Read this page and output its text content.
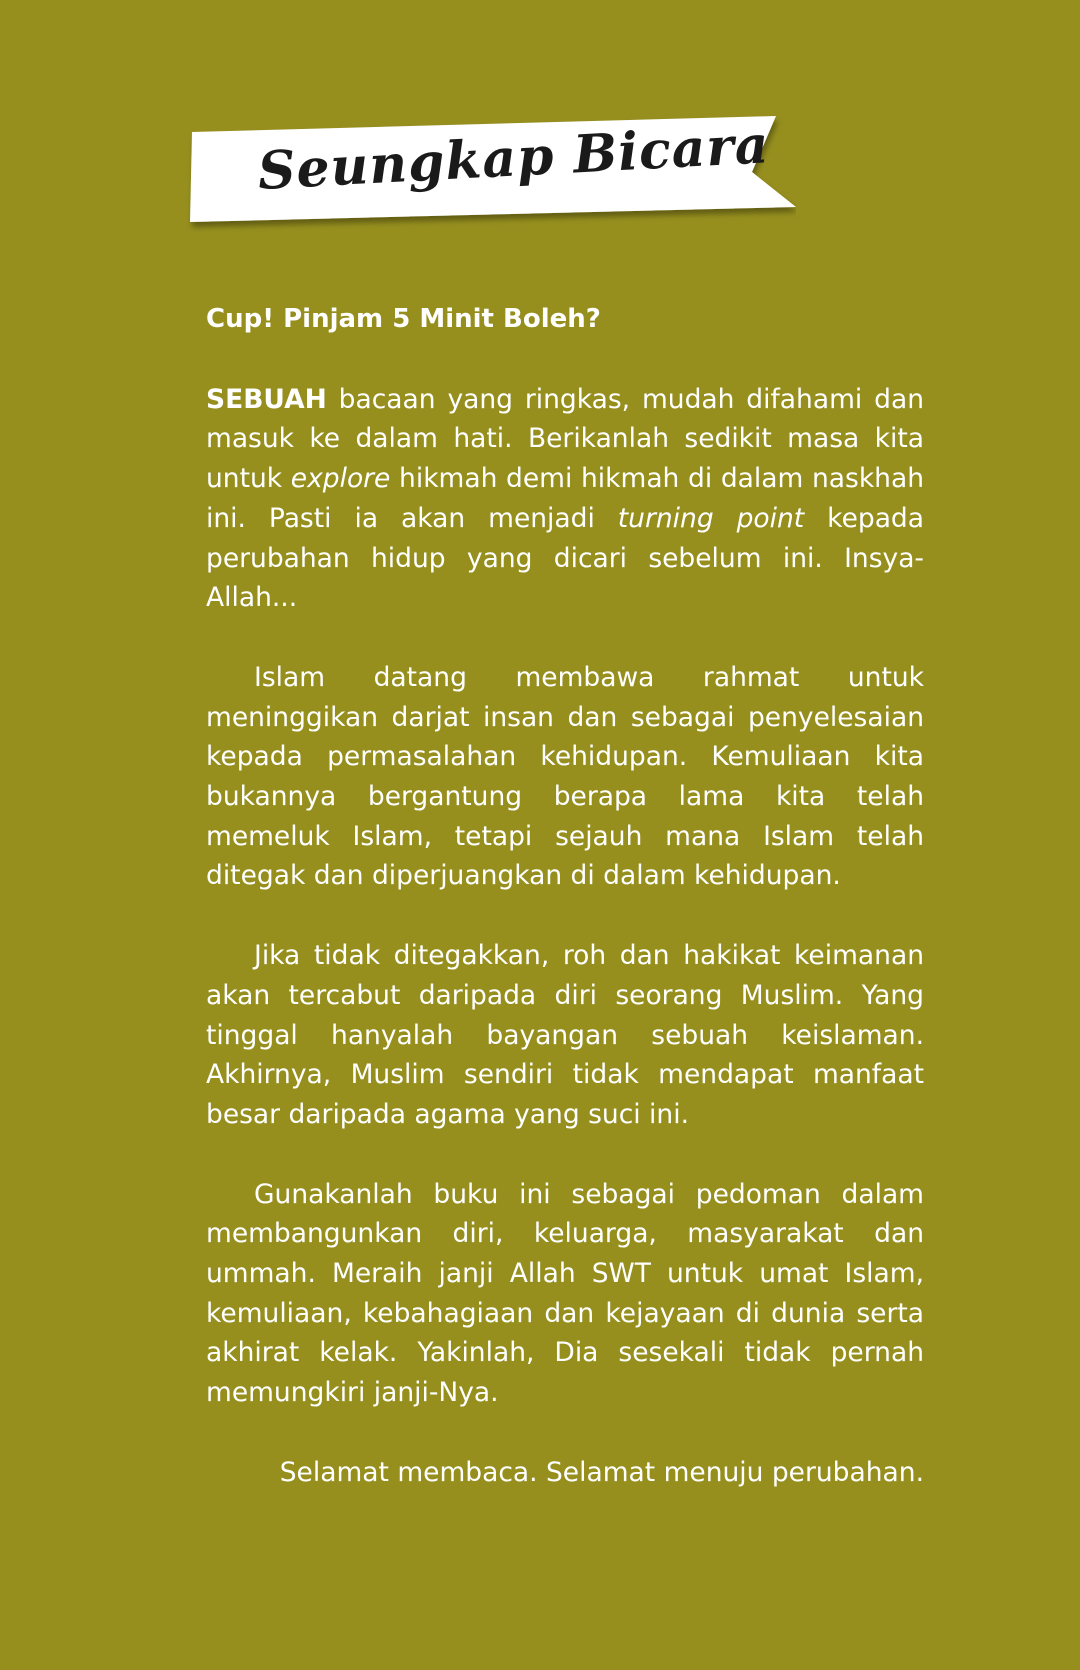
Seungkap Bicara

Cup! Pinjam 5 Minit Boleh?

SEBUAH bacaan yang ringkas, mudah difahami dan masuk ke dalam hati. Berikanlah sedikit masa kita untuk explore hikmah demi hikmah di dalam naskhah ini. Pasti ia akan menjadi turning point kepada perubahan hidup yang dicari sebelum ini. Insya-Allah...

Islam datang membawa rahmat untuk meninggikan darjat insan dan sebagai penyelesaian kepada permasalahan kehidupan. Kemuliaan kita bukannya bergantung berapa lama kita telah memeluk Islam, tetapi sejauh mana Islam telah ditegak dan diperjuangkan di dalam kehidupan.

Jika tidak ditegakkan, roh dan hakikat keimanan akan tercabut daripada diri seorang Muslim. Yang tinggal hanyalah bayangan sebuah keislaman. Akhirnya, Muslim sendiri tidak mendapat manfaat besar daripada agama yang suci ini.

Gunakanlah buku ini sebagai pedoman dalam membangunkan diri, keluarga, masyarakat dan ummah. Meraih janji Allah SWT untuk umat Islam, kemuliaan, kebahagiaan dan kejayaan di dunia serta akhirat kelak. Yakinlah, Dia sesekali tidak pernah memungkiri janji-Nya.

Selamat membaca. Selamat menuju perubahan.
